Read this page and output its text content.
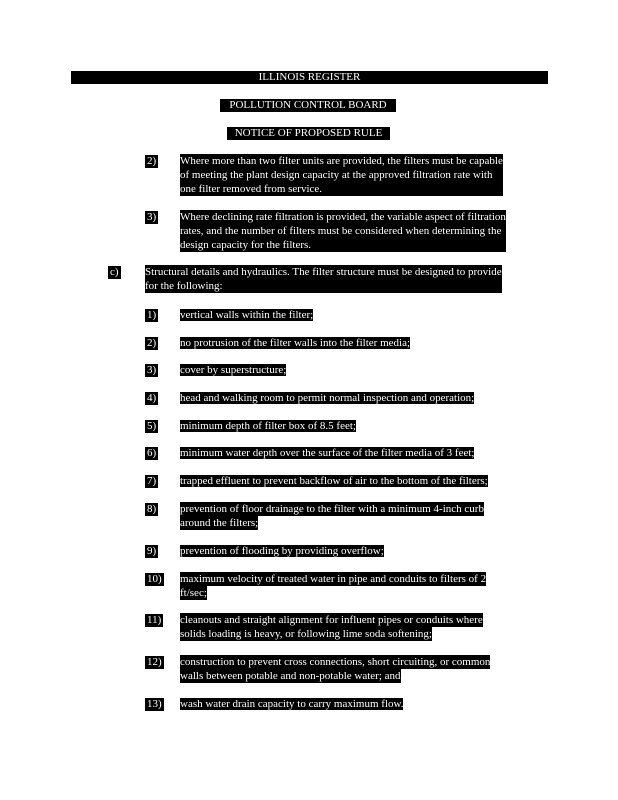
ILLINOIS REGISTER
POLLUTION CONTROL BOARD
NOTICE OF PROPOSED RULE
2) Where more than two filter units are provided, the filters must be capable
of meeting the plant design capacity at the approved filtration rate with
one filter removed from service.
3) Where declining rate filtration is provided, the variable aspect of filtration
rates, and the number of filters must be considered when determining the
design capacity for the filters.
c) Structural details and hydraulics. The filter structure must be designed to provide
for the following:
1) vertical walls within the filter;
2) no protrusion of the filter walls into the filter media;
3) cover by superstructure;
4) head and walking room to permit normal inspection and operation;
5) minimum depth of filter box of 8.5 feet;
6) minimum water depth over the surface of the filter media of 3 feet;
7) trapped effluent to prevent backflow of air to the bottom of the filters;
8) prevention of floor drainage to the filter with a minimum 4-inch curb
around the filters;
9) prevention of flooding by providing overflow;
10) maximum velocity of treated water in pipe and conduits to filters of 2
ft/sec;
11) cleanouts and straight alignment for influent pipes or conduits where
solids loading is heavy, or following lime soda softening;
12) construction to prevent cross connections, short circuiting, or common
walls between potable and non-potable water; and
13) wash water drain capacity to carry maximum flow.
